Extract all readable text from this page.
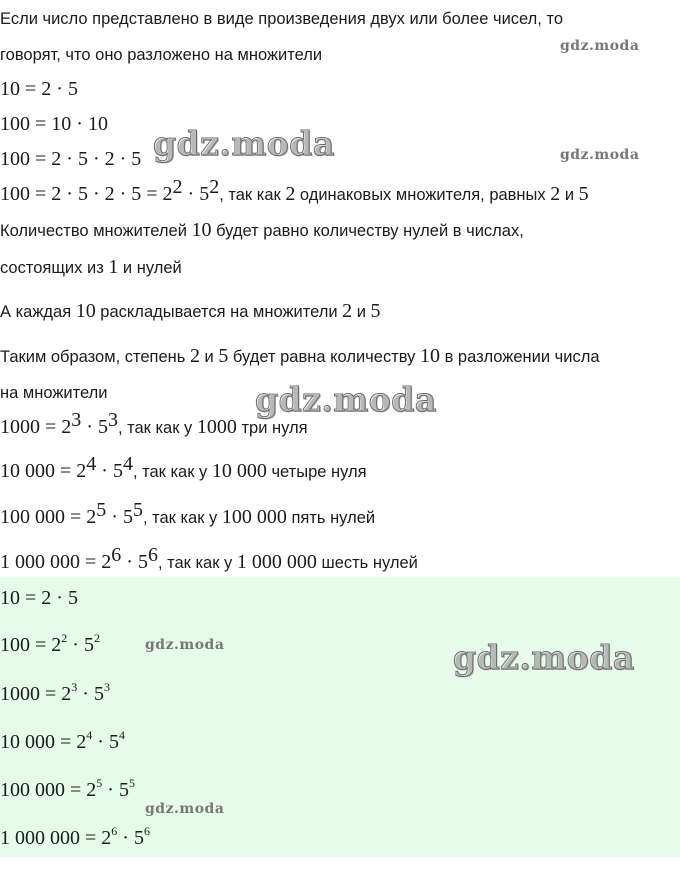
Если число представлено в виде произведения двух или более чисел, то
говорят, что оно разложено на множители
10 = 2 · 5
100 = 10 · 10
100 = 2 · 5 · 2 · 5
$100 = 2 \cdot 5 \cdot 2 \cdot 5 = 2^2 \cdot 5^2$, так как 2 одинаковых множителя, равных 2 и 5
Количество множителей 10 будет равно количеству нулей в числах,
состоящих из 1 и нулей
А каждая 10 раскладывается на множители 2 и 5
Таким образом, степень 2 и 5 будет равна количеству 10 в разложении числа
на множители
$1000 = 2^3 \cdot 5^3$, так как у 1000 три нуля
10 $000 = 2^4 \cdot 5^4$, так как у 10 000 четыре нуля
100 $000 = 2^5 \cdot 5^5$, так как у 100 000 пять нулей
1 000 $000 = 2^6 \cdot 5^6$, так как у 1 000 000 шесть нулей
10 = 2 · 5
$100 = 2^2 \cdot 5^2$
$1000 = 2^3 \cdot 5^3$
10 $000 = 2^4 \cdot 5^4$
100 $000 = 2^5 \cdot 5^5$
1 000 $000 = 2^6 \cdot 5^6$
gdz.moda
gdz.moda
gdz.moda
gdz.moda
gdz.moda
gdz.moda
gdz.moda
